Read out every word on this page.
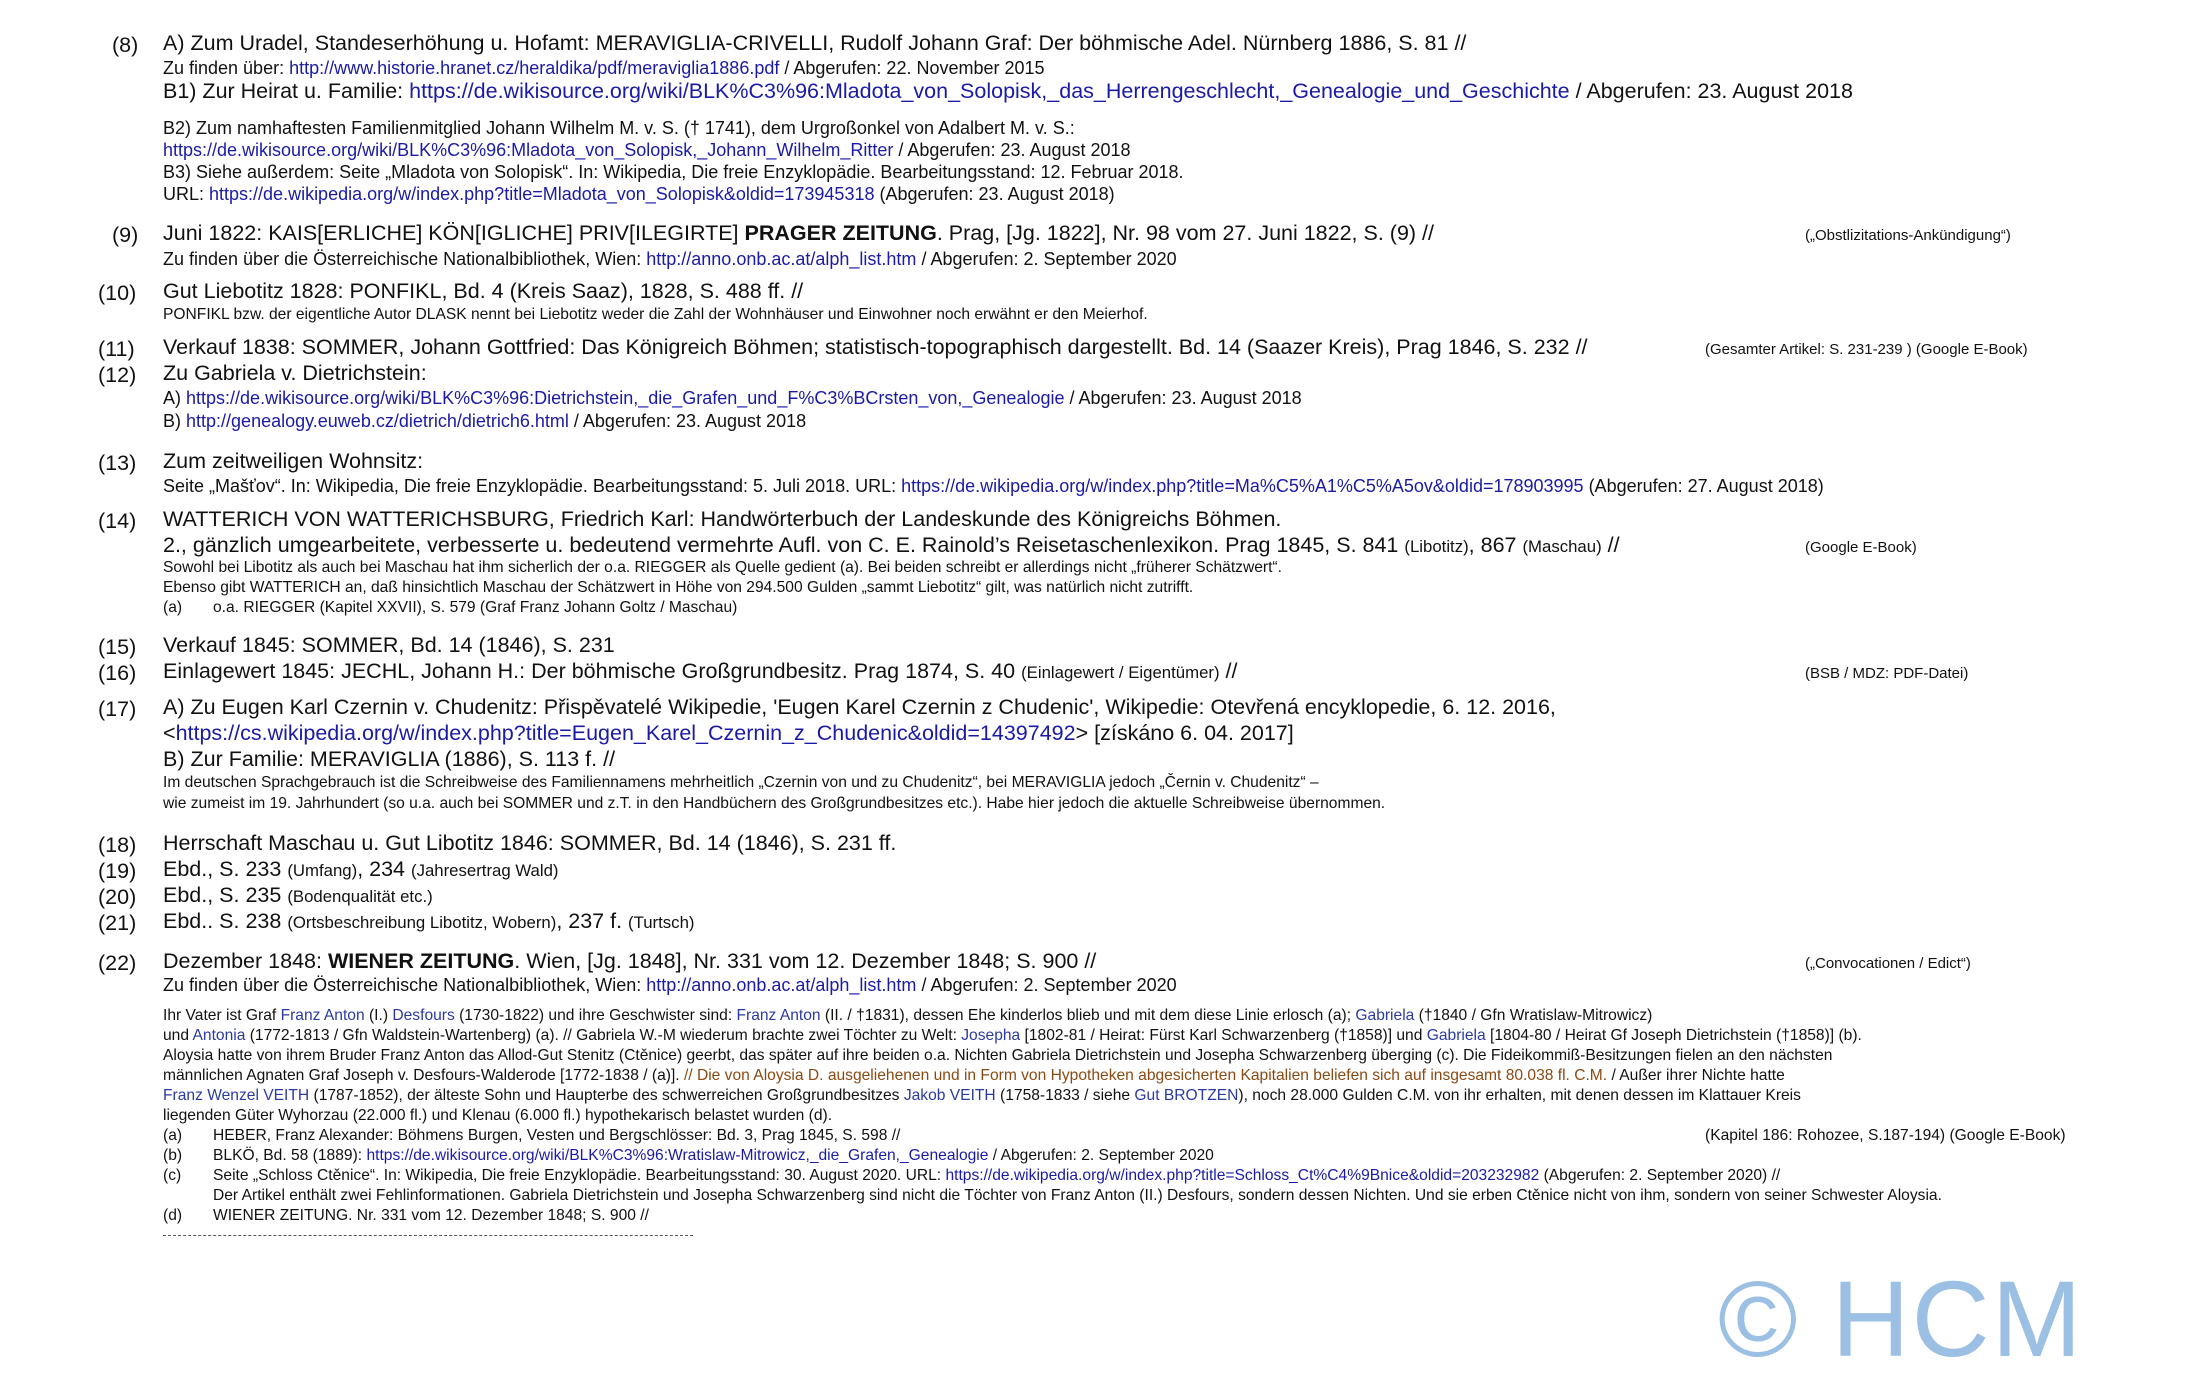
(8) A) Zum Uradel, Standeserhöhung u. Hofamt: MERAVIGLIA-CRIVELLI, Rudolf Johann Graf: Der böhmische Adel. Nürnberg 1886, S. 81 //
Zu finden über: http://www.historie.hranet.cz/heraldika/pdf/meraviglia1886.pdf / Abgerufen: 22. November 2015
B1) Zur Heirat u. Familie: https://de.wikisource.org/wiki/BLK%C3%96:Mladota_von_Solopisk,_das_Herrengeschlecht,_Genealogie_und_Geschichte / Abgerufen: 23. August 2018
B2) Zum namhaftesten Familienmitglied Johann Wilhelm M. v. S. († 1741), dem Urgroßonkel von Adalbert M. v. S.:
https://de.wikisource.org/wiki/BLK%C3%96:Mladota_von_Solopisk,_Johann_Wilhelm_Ritter / Abgerufen: 23. August 2018
B3) Siehe außerdem: Seite „Mladota von Solopisk“. In: Wikipedia, Die freie Enzyklopädie. Bearbeitungsstand: 12. Februar 2018.
URL: https://de.wikipedia.org/w/index.php?title=Mladota_von_Solopisk&oldid=173945318 (Abgerufen: 23. August 2018)
(9) Juni 1822: KAIS[ERLICHE] KÖN[IGLICHE] PRIV[ILEGIRTE] PRAGER ZEITUNG. Prag, [Jg. 1822], Nr. 98 vom 27. Juni 1822, S. (9) //	(„Obstlizitations-Ankündigung“)
Zu finden über die Österreichische Nationalbibliothek, Wien: http://anno.onb.ac.at/alph_list.htm / Abgerufen: 2. September 2020
(10) Gut Liebotitz 1828: PONFIKL, Bd. 4 (Kreis Saaz), 1828, S. 488 ff. //
PONFIKL bzw. der eigentliche Autor DLASK nennt bei Liebotitz weder die Zahl der Wohnhäuser und Einwohner noch erwähnt er den Meierhof.
(11) Verkauf 1838: SOMMER, Johann Gottfried: Das Königreich Böhmen; statistisch-topographisch dargestellt. Bd. 14 (Saazer Kreis), Prag 1846, S. 232 //	(Gesamter Artikel: S. 231-239 ) (Google E-Book)
(12) Zu Gabriela v. Dietrichstein:
A) https://de.wikisource.org/wiki/BLK%C3%96:Dietrichstein,_die_Grafen_und_F%C3%BCrsten_von,_Genealogie / Abgerufen: 23. August 2018
B) http://genealogy.euweb.cz/dietrich/dietrich6.html / Abgerufen: 23. August 2018
(13) Zum zeitweiligen Wohnsitz:
Seite „Mašťov“. In: Wikipedia, Die freie Enzyklopädie. Bearbeitungsstand: 5. Juli 2018. URL: https://de.wikipedia.org/w/index.php?title=Ma%C5%A1%C5%A5ov&oldid=178903995 (Abgerufen: 27. August 2018)
(14) WATTERICH VON WATTERICHSBURG, Friedrich Karl: Handwörterbuch der Landeskunde des Königreichs Böhmen.
2., gänzlich umgearbeitete, verbesserte u. bedeutend vermehrte Aufl. von C. E. Rainold’s Reisetaschenlexikon. Prag 1845, S. 841 (Libotitz), 867 (Maschau) //	(Google E-Book)
Sowohl bei Libotitz als auch bei Maschau hat ihm sicherlich der o.a. RIEGGER als Quelle gedient (a). Bei beiden schreibt er allerdings nicht „früherer Schätzwert“.
Ebenso gibt WATTERICH an, daß hinsichtlich Maschau der Schätzwert in Höhe von 294.500 Gulden „sammt Liebotitz“ gilt, was natürlich nicht zutrifft.
(a) o.a. RIEGGER (Kapitel XXVII), S. 579 (Graf Franz Johann Goltz / Maschau)
(15) Verkauf 1845: SOMMER, Bd. 14 (1846), S. 231
(16) Einlagewert 1845: JECHL, Johann H.: Der böhmische Großgrundbesitz. Prag 1874, S. 40 (Einlagewert / Eigentümer) //	(BSB / MDZ: PDF-Datei)
(17) A) Zu Eugen Karl Czernin v. Chudenitz: Přispěvatelé Wikipedie, 'Eugen Karel Czernin z Chudenic', Wikipedie: Otevřená encyklopedie, 6. 12. 2016,
<https://cs.wikipedia.org/w/index.php?title=Eugen_Karel_Czernin_z_Chudenic&oldid=14397492> [získáno 6. 04. 2017]
B) Zur Familie: MERAVIGLIA (1886), S. 113 f. //
Im deutschen Sprachgebrauch ist die Schreibweise des Familiennamens mehrheitlich „Czernin von und zu Chudenitz“, bei MERAVIGLIA jedoch „Černin v. Chudenitz“ –
wie zumeist im 19. Jahrhundert (so u.a. auch bei SOMMER und z.T. in den Handbüchern des Großgrundbesitzes etc.). Habe hier jedoch die aktuelle Schreibweise übernommen.
(18) Herrschaft Maschau u. Gut Libotitz 1846: SOMMER, Bd. 14 (1846), S. 231 ff.
(19) Ebd., S. 233 (Umfang), 234 (Jahresertrag Wald)
(20) Ebd., S. 235 (Bodenqualität etc.)
(21) Ebd.. S. 238 (Ortsbeschreibung Libotitz, Wobern), 237 f. (Turtsch)
(22) Dezember 1848: WIENER ZEITUNG. Wien, [Jg. 1848], Nr. 331 vom 12. Dezember 1848; S. 900 //	(„Convocationen / Edict“)
Zu finden über die Österreichische Nationalbibliothek, Wien: http://anno.onb.ac.at/alph_list.htm / Abgerufen: 2. September 2020
Ihr Vater ist Graf Franz Anton (I.) Desfours (1730-1822) und ihre Geschwister sind: Franz Anton (II. / †1831), dessen Ehe kinderlos blieb und mit dem diese Linie erlosch (a); Gabriela (†1840 / Gfn Wratislaw-Mitrowicz)
und Antonia (1772-1813 / Gfn Waldstein-Wartenberg) (a). // Gabriela W.-M wiederum brachte zwei Töchter zu Welt: Josepha [1802-81 / Heirat: Fürst Karl Schwarzenberg (†1858)] und Gabriela [1804-80 / Heirat Gf Joseph Dietrichstein (†1858)] (b).
Aloysia hatte von ihrem Bruder Franz Anton das Allod-Gut Stenitz (Ctěnice) geerbt, das später auf ihre beiden o.a. Nichten Gabriela Dietrichstein und Josepha Schwarzenberg überging (c). Die Fideikommiß-Besitzungen fielen an den nächsten
männlichen Agnaten Graf Joseph v. Desfours-Walderode [1772-1838 / (a)]. // Die von Aloysia D. ausgeliehenen und in Form von Hypotheken abgesicherten Kapitalien beliefen sich auf insgesamt 80.038 fl. C.M. / Außer ihrer Nichte hatte
Franz Wenzel VEITH (1787-1852), der älteste Sohn und Haupterbe des schwerreichen Großgrundbesitzes Jakob VEITH (1758-1833 / siehe Gut BROTZEN), noch 28.000 Gulden C.M. von ihr erhalten, mit denen dessen im Klattauer Kreis
liegenden Güter Wyhorzau (22.000 fl.) und Klenau (6.000 fl.) hypothekarisch belastet wurden (d).
(a) HEBER, Franz Alexander: Böhmens Burgen, Vesten und Bergschlösser: Bd. 3, Prag 1845, S. 598 //	(Kapitel 186: Rohozee, S.187-194) (Google E-Book)
(b) BLKÖ, Bd. 58 (1889): https://de.wikisource.org/wiki/BLK%C3%96:Wratislaw-Mitrowicz,_die_Grafen,_Genealogie / Abgerufen: 2. September 2020
(c) Seite „Schloss Ctěnice“. In: Wikipedia, Die freie Enzyklopädie. Bearbeitungsstand: 30. August 2020. URL: https://de.wikipedia.org/w/index.php?title=Schloss_Ct%C4%9Bnice&oldid=203232982 (Abgerufen: 2. September 2020) //
Der Artikel enthält zwei Fehlinformationen. Gabriela Dietrichstein und Josepha Schwarzenberg sind nicht die Töchter von Franz Anton (II.) Desfours, sondern dessen Nichten. Und sie erben Ctěnice nicht von ihm, sondern von seiner Schwester Aloysia.
(d) WIENER ZEITUNG. Nr. 331 vom 12. Dezember 1848; S. 900 //
© HCM
